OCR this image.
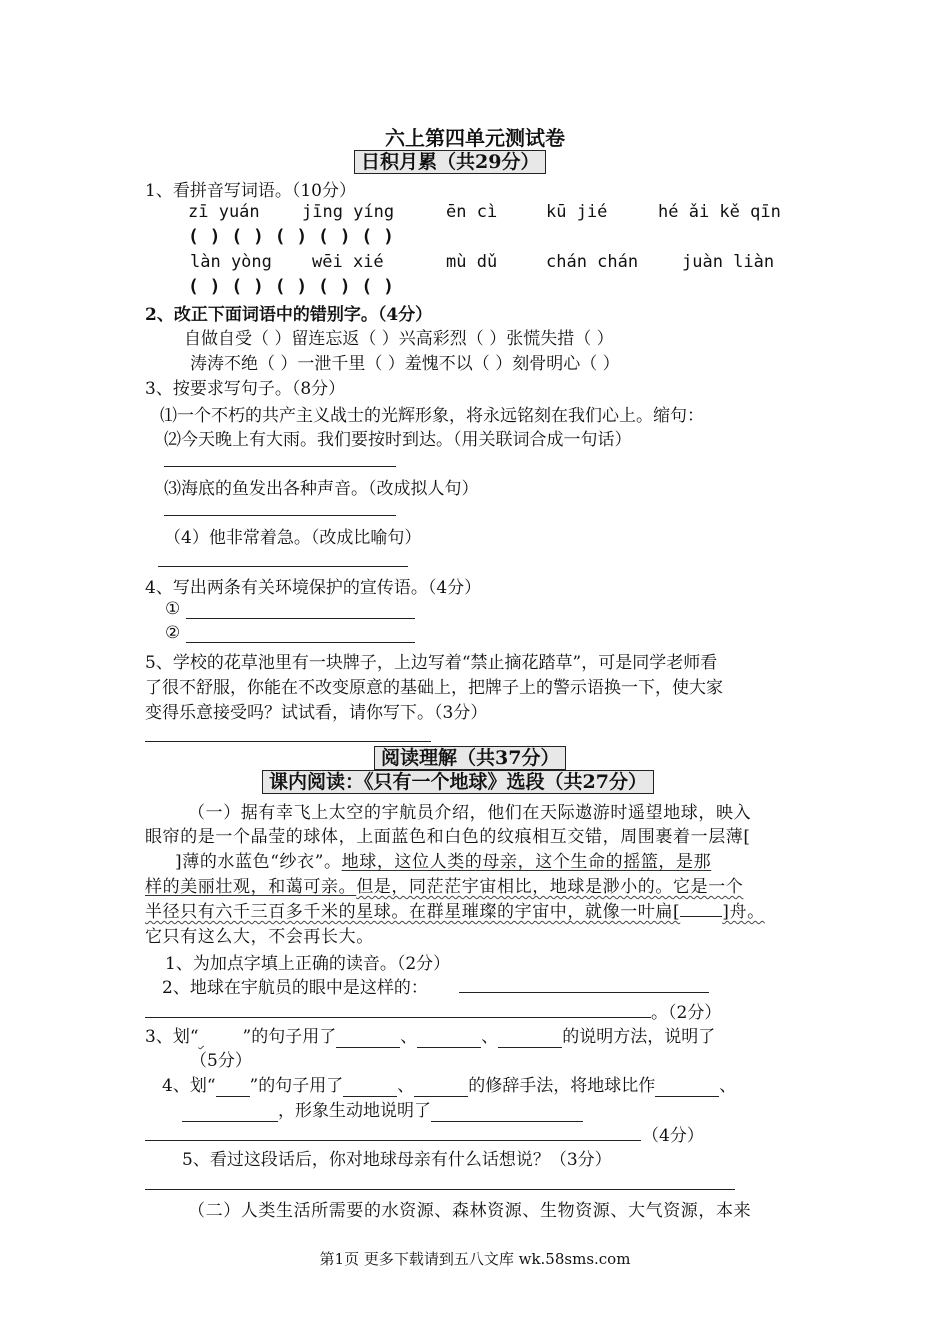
六上第四单元测试卷
日积月累（共29分）
1、看拼音写词语。（10分）
zī yuán jīng yíng	ēn cì	kū jié	hé ǎi kě qīn
( ) ( ) ( ) ( ) ( )
làn yòng wēi xié	mù dǔ	chán chán	juàn liàn
( ) ( ) ( ) ( ) ( )
2、改正下面词语中的错别字。（4分）
自做自受（ ）留连忘返（ ）兴高彩烈（ ）张慌失措（ ）
涛涛不绝（ ）一泄千里（ ）羞愧不以（ ）刻骨明心（ ）
3、按要求写句子。（8分）
⑴一个不朽的共产主义战士的光辉形象，将永远铭刻在我们心上。缩句：
⑵今天晚上有大雨。我们要按时到达。（用关联词合成一句话）
⑶海底的鱼发出各种声音。（改成拟人句）
（4）他非常着急。（改成比喻句）
4、写出两条有关环境保护的宣传语。（4分）
①
②
5、学校的花草池里有一块牌子，上边写着“禁止摘花踏草”，可是同学老师看
了很不舒服，你能在不改变原意的基础上，把牌子上的警示语换一下，使大家
变得乐意接受吗？试试看，请你写下。（3分）
阅读理解（共37分）
课内阅读：《只有一个地球》选段（共27分）
（一）据有幸飞上太空的宇航员介绍，他们在天际遨游时遥望地球，映入
眼帘的是一个晶莹的球体，上面蓝色和白色的纹痕相互交错，周围裹着一层薄[
]薄的水蓝色“纱衣”。地球，这位人类的母亲，这个生命的摇篮，是那
样的美丽壮观，和蔼可亲。但是，同茫茫宇宙相比，地球是渺小的。它是一个
半径只有六千三百多千米的星球。在群星璀璨的宇宙中，就像一叶扁[ ]舟。
它只有这么大，不会再长大。
1、为加点字填上正确的读音。（2分）
2、地球在宇航员的眼中是这样的：
。（2分）
3、划“	”的句子用了	、	、	的说明方法，说明了
（5分）
4、划“ ”的句子用了	、	的修辞手法，将地球比作	、
，形象生动地说明了
（4分）
5、看过这段话后，你对地球母亲有什么话想说？（3分）
（二）人类生活所需要的水资源、森林资源、生物资源、大气资源，本来
第1页 更多下载请到五八文库 wk.58sms.com
